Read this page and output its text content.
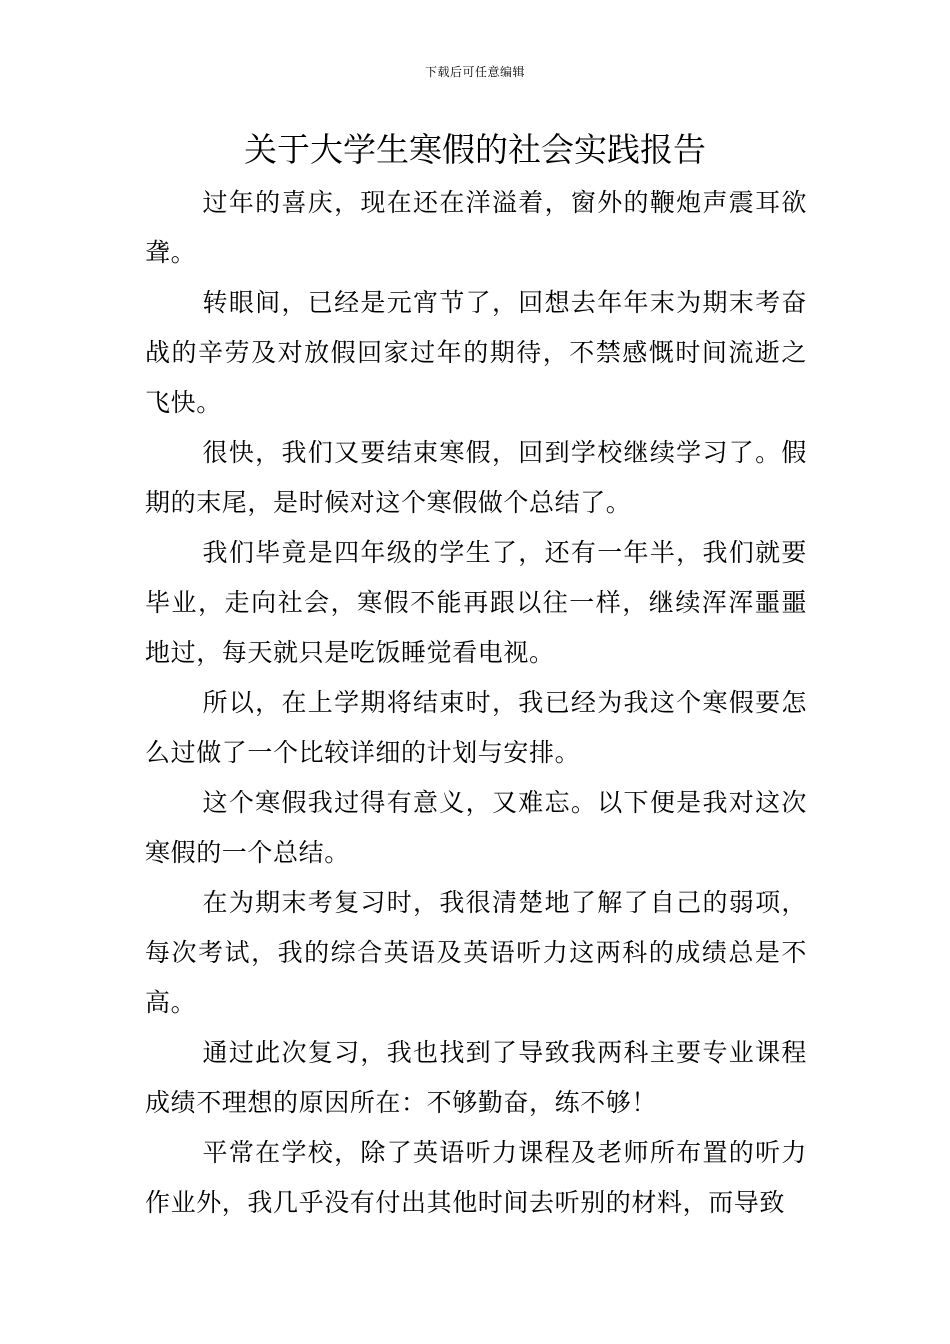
下载后可任意编辑
关于大学生寒假的社会实践报告

过年的喜庆，现在还在洋溢着，窗外的鞭炮声震耳欲聋。

转眼间，已经是元宵节了，回想去年年末为期末考奋战的辛劳及对放假回家过年的期待，不禁感慨时间流逝之飞快。

很快，我们又要结束寒假，回到学校继续学习了。假期的末尾，是时候对这个寒假做个总结了。

我们毕竟是四年级的学生了，还有一年半，我们就要毕业，走向社会，寒假不能再跟以往一样，继续浑浑噩噩地过，每天就只是吃饭睡觉看电视。

所以，在上学期将结束时，我已经为我这个寒假要怎么过做了一个比较详细的计划与安排。

这个寒假我过得有意义，又难忘。以下便是我对这次寒假的一个总结。

在为期末考复习时，我很清楚地了解了自己的弱项，每次考试，我的综合英语及英语听力这两科的成绩总是不高。

通过此次复习，我也找到了导致我两科主要专业课程成绩不理想的原因所在：不够勤奋，练不够！

平常在学校，除了英语听力课程及老师所布置的听力作业外，我几乎没有付出其他时间去听别的材料，而导致
